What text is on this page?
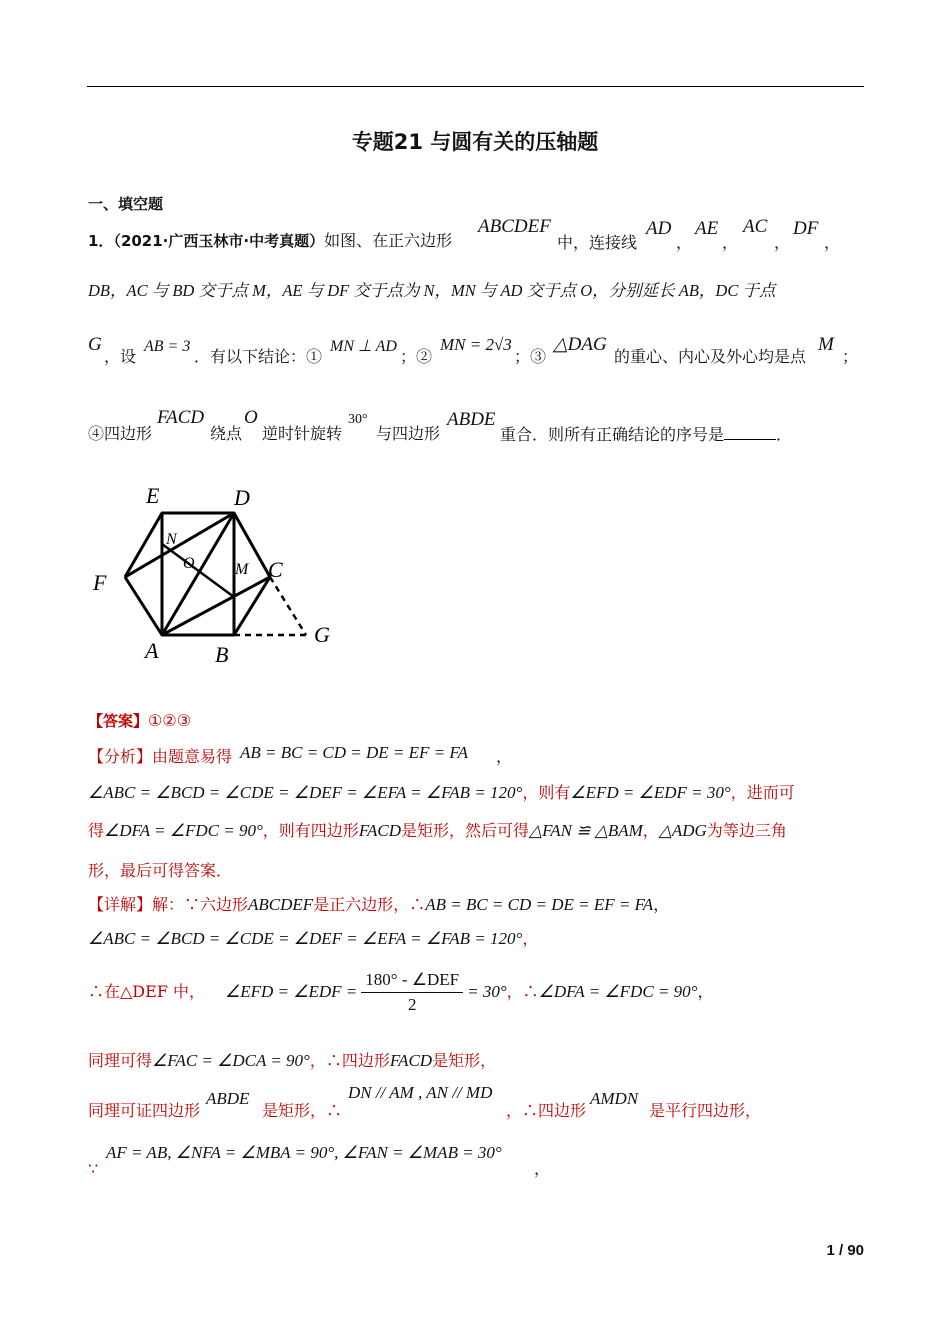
专题21 与圆有关的压轴题
一、填空题
1．（2021·广西玉林市·中考真题）如图、在正六边形
ABCDEF
中，连接线
AD
，
AE
，
AC
，
DF
，
DB，AC 与 BD 交于点 M，AE 与 DF 交于点为 N，MN 与 AD 交于点 O，分别延长 AB，DC 于点
G
，设
AB = 3
．有以下结论：①
MN ⊥ AD
；②
MN = 2√3
；③
△DAG
的重心、内心及外心均是点
M
；
④四边形
FACD
绕点
O
逆时针旋转
30°
与四边形
ABDE
重合．则所有正确结论的序号是	．
E	D
N
O	M C
F
G
A	B
【答案】①②③
【分析】由题意易得 AB = BC = CD = DE = EF = FA ，
∠ABC = ∠BCD = ∠CDE = ∠DEF = ∠EFA = ∠FAB = 120°，则有∠EFD = ∠EDF = 30°，进而可
得∠DFA = ∠FDC = 90°，则有四边形FACD是矩形，然后可得△FAN ≌ △BAM，△ADG为等边三角
形，最后可得答案．
【详解】解：∵六边形ABCDEF是正六边形，∴AB = BC = CD = DE = EF = FA，
∠ABC = ∠BCD = ∠CDE = ∠DEF = ∠EFA = ∠FAB = 120°，
∴在△DEF 中， ∠EFD = ∠EDF = $\frac{\text{180° - ∠DEF}}{2} = 30^\circ$，∴∠DFA = ∠FDC = 90°，
同理可得∠FAC = ∠DCA = 90°，∴四边形FACD是矩形，
同理可证四边形
ABDE
是矩形，∴
DN // AM , AN // MD
，∴四边形
AMDN
是平行四边形，
∵
AF = AB, ∠NFA = ∠MBA = 90°, ∠FAN = ∠MAB = 30°
，
1 / 90
